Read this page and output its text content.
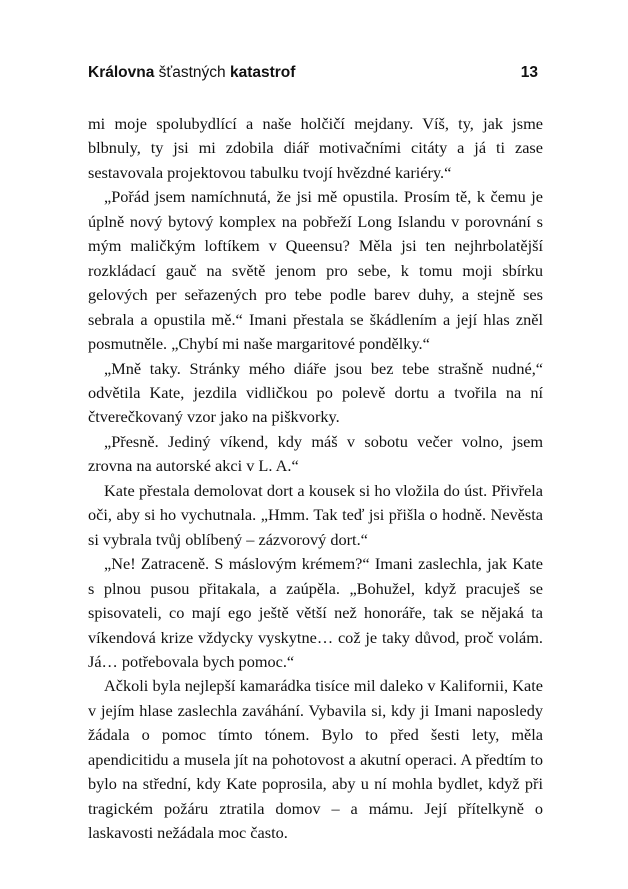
Královna šťastných katastrof	13

mi moje spolubydlící a naše holčičí mejdany. Víš, ty, jak jsme blbnuly, ty jsi mi zdobila diář motivačními citáty a já ti zase sestavovala projektovou tabulku tvojí hvězdné kariéry.“

„Pořád jsem namíchnutá, že jsi mě opustila. Prosím tě, k čemu je úplně nový bytový komplex na pobřeží Long Islandu v porovnání s mým maličkým loftíkem v Queensu? Měla jsi ten nejhrbolatější rozkládací gauč na světě jenom pro sebe, k tomu moji sbírku gelových per seřazených pro tebe podle barev duhy, a stejně ses sebrala a opustila mě.“ Imani přestala se škádlením a její hlas zněl posmutněle. „Chybí mi naše margaritové pondělky.“

„Mně taky. Stránky mého diáře jsou bez tebe strašně nudné,“ odvětila Kate, jezdila vidličkou po polevě dortu a tvořila na ní čtverečkovaný vzor jako na piškvorky.

„Přesně. Jediný víkend, kdy máš v sobotu večer volno, jsem zrovna na autorské akci v L. A.“

Kate přestala demolovat dort a kousek si ho vložila do úst. Přivřela oči, aby si ho vychutnala. „Hmm. Tak teď jsi přišla o hodně. Nevěsta si vybrala tvůj oblíbený – zázvorový dort.“

„Ne! Zatraceně. S máslovým krémem?“ Imani zaslechla, jak Kate s plnou pusou přitakala, a zaúpěla. „Bohužel, když pracuješ se spisovateli, co mají ego ještě větší než honoráře, tak se nějaká ta víkendová krize vždycky vyskytne… což je taky důvod, proč volám. Já… potřebovala bych pomoc.“

Ačkoli byla nejlepší kamarádka tisíce mil daleko v Kalifornii, Kate v jejím hlase zaslechla zaváhání. Vybavila si, kdy ji Imani naposledy žádala o pomoc tímto tónem. Bylo to před šesti lety, měla apendicitidu a musela jít na pohotovost a akutní operaci. A předtím to bylo na střední, kdy Kate poprosila, aby u ní mohla bydlet, když při tragickém požáru ztratila domov – a mámu. Její přítelkyně o laskavosti nežádala moc často.
